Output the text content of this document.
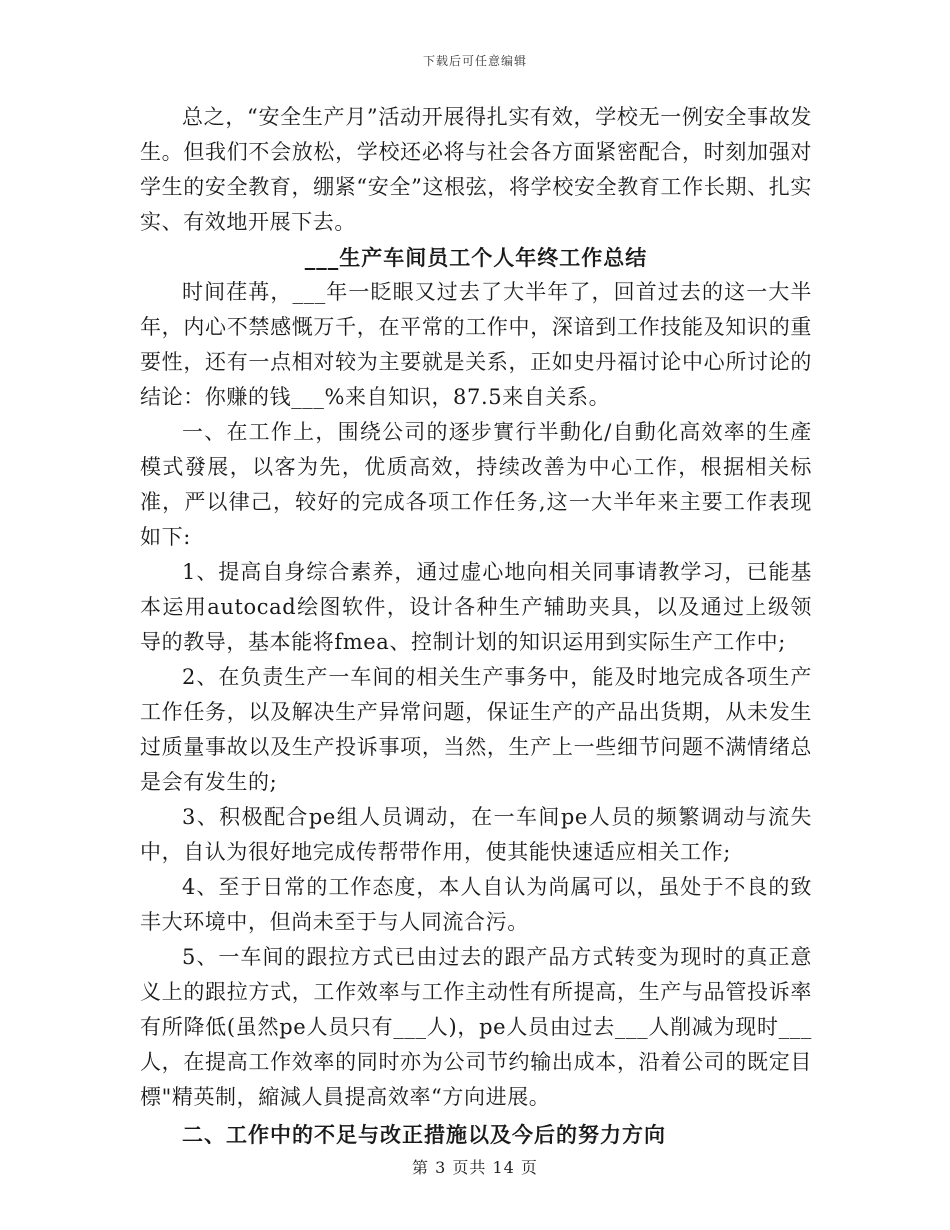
下载后可任意编辑

总之，“安全生产月”活动开展得扎实有效，学校无一例安全事故发生。但我们不会放松，学校还必将与社会各方面紧密配合，时刻加强对学生的安全教育，绷紧“安全”这根弦，将学校安全教育工作长期、扎实实、有效地开展下去。

___生产车间员工个人年终工作总结

时间荏苒，___年一眨眼又过去了大半年了，回首过去的这一大半年，内心不禁感慨万千，在平常的工作中，深谙到工作技能及知识的重要性，还有一点相对较为主要就是关系，正如史丹福讨论中心所讨论的结论：你赚的钱___%来自知识，87.5来自关系。

一、在工作上，围绕公司的逐步實行半動化/自動化高效率的生產模式發展，以客为先，优质高效，持续改善为中心工作，根据相关标准，严以律己，较好的完成各项工作任务,这一大半年来主要工作表现如下:

1、提高自身综合素养，通过虚心地向相关同事请教学习，已能基本运用autocad绘图软件，设计各种生产辅助夹具，以及通过上级领导的教导，基本能将fmea、控制计划的知识运用到实际生产工作中;

2、在负责生产一车间的相关生产事务中，能及时地完成各项生产工作任务，以及解决生产异常问题，保证生产的产品出货期，从未发生过质量事故以及生产投诉事项，当然，生产上一些细节问题不满情绪总是会有发生的;

3、积极配合pe组人员调动，在一车间pe人员的频繁调动与流失中，自认为很好地完成传帮带作用，使其能快速适应相关工作;

4、至于日常的工作态度，本人自认为尚属可以，虽处于不良的致丰大环境中，但尚未至于与人同流合污。

5、一车间的跟拉方式已由过去的跟产品方式转变为现时的真正意义上的跟拉方式，工作效率与工作主动性有所提高，生产与品管投诉率有所降低(虽然pe人员只有___人)，pe人员由过去___人削减为现时___人，在提高工作效率的同时亦为公司节约输出成本，沿着公司的既定目標"精英制，縮減人員提高效率“方向进展。

二、工作中的不足与改正措施以及今后的努力方向

第 3 页共 14 页
